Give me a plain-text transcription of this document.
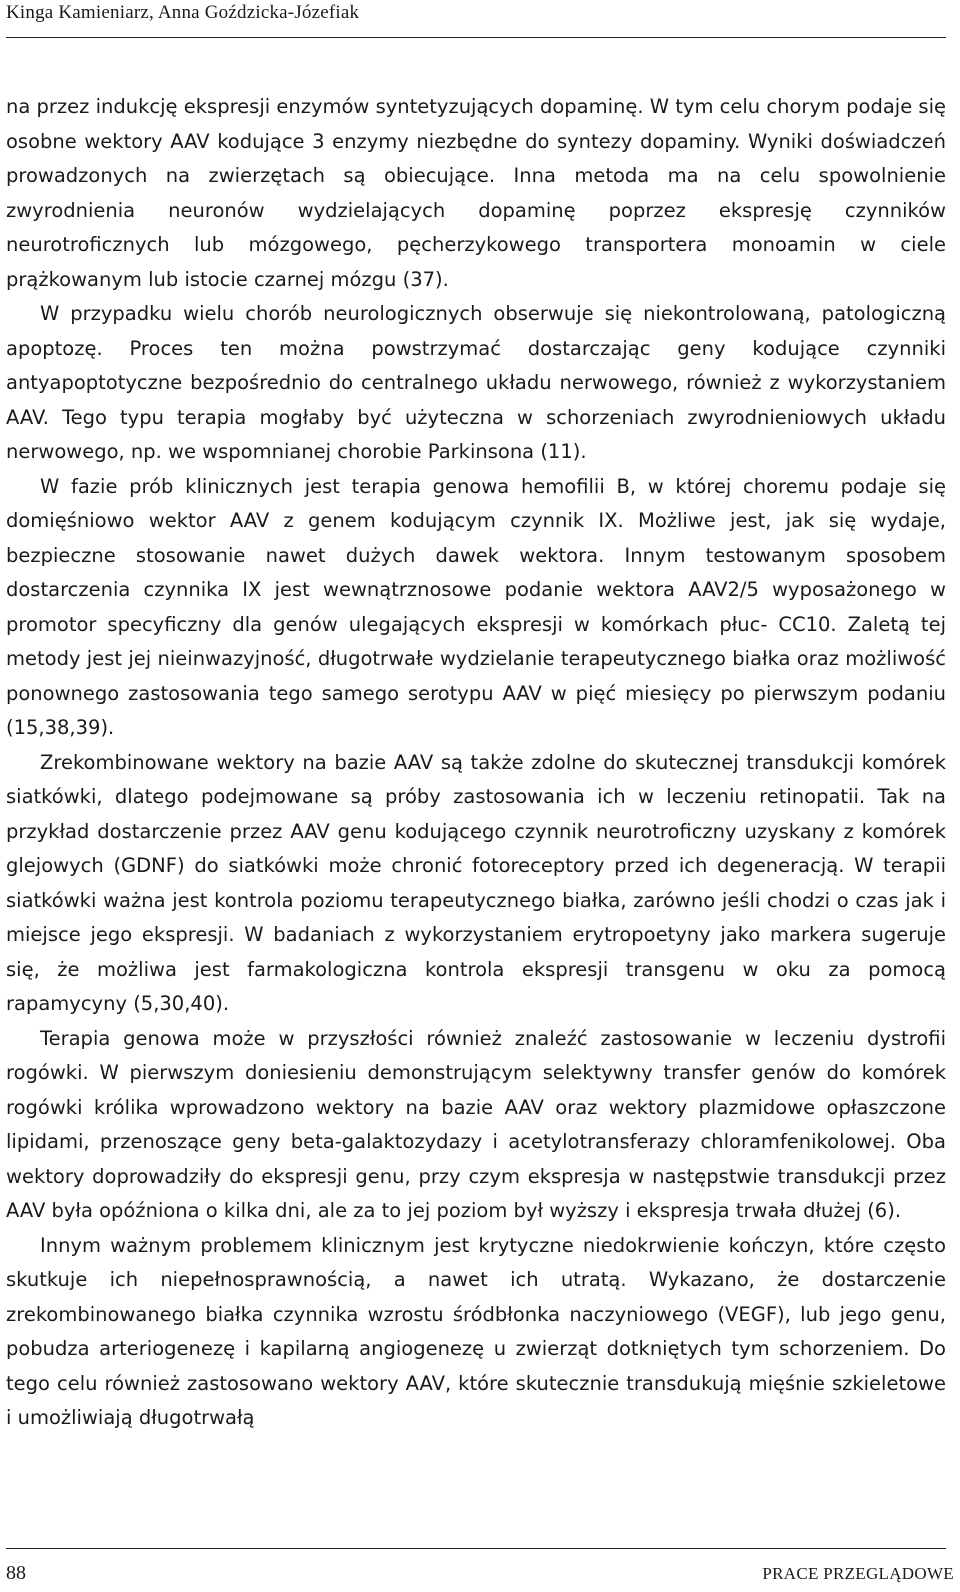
Kinga Kamieniarz, Anna Goździcka-Józefiak

na przez indukcję ekspresji enzymów syntetyzujących dopaminę. W tym celu chorym podaje się osobne wektory AAV kodujące 3 enzymy niezbędne do syntezy dopaminy. Wyniki doświadczeń prowadzonych na zwierzętach są obiecujące. Inna metoda ma na celu spowolnienie zwyrodnienia neuronów wydzielających dopaminę poprzez ekspresję czynników neurotroficznych lub mózgowego, pęcherzykowego transportera monoamin w ciele prążkowanym lub istocie czarnej mózgu (37).

W przypadku wielu chorób neurologicznych obserwuje się niekontrolowaną, patologiczną apoptozę. Proces ten można powstrzymać dostarczając geny kodujące czynniki antyapoptotyczne bezpośrednio do centralnego układu nerwowego, również z wykorzystaniem AAV. Tego typu terapia mogłaby być użyteczna w schorzeniach zwyrodnieniowych układu nerwowego, np. we wspomnianej chorobie Parkinsona (11).

W fazie prób klinicznych jest terapia genowa hemofilii B, w której choremu podaje się domięśniowo wektor AAV z genem kodującym czynnik IX. Możliwe jest, jak się wydaje, bezpieczne stosowanie nawet dużych dawek wektora. Innym testowanym sposobem dostarczenia czynnika IX jest wewnątrznosowe podanie wektora AAV2/5 wyposażonego w promotor specyficzny dla genów ulegających ekspresji w komórkach płuc- CC10. Zaletą tej metody jest jej nieinwazyjność, długotrwałe wydzielanie terapeutycznego białka oraz możliwość ponownego zastosowania tego samego serotypu AAV w pięć miesięcy po pierwszym podaniu (15,38,39).

Zrekombinowane wektory na bazie AAV są także zdolne do skutecznej transdukcji komórek siatkówki, dlatego podejmowane są próby zastosowania ich w leczeniu retinopatii. Tak na przykład dostarczenie przez AAV genu kodującego czynnik neurotroficzny uzyskany z komórek glejowych (GDNF) do siatkówki może chronić fotoreceptory przed ich degeneracją. W terapii siatkówki ważna jest kontrola poziomu terapeutycznego białka, zarówno jeśli chodzi o czas jak i miejsce jego ekspresji. W badaniach z wykorzystaniem erytropoetyny jako markera sugeruje się, że możliwa jest farmakologiczna kontrola ekspresji transgenu w oku za pomocą rapamycyny (5,30,40).

Terapia genowa może w przyszłości również znaleźć zastosowanie w leczeniu dystrofii rogówki. W pierwszym doniesieniu demonstrującym selektywny transfer genów do komórek rogówki królika wprowadzono wektory na bazie AAV oraz wektory plazmidowe opłaszczone lipidami, przenoszące geny beta-galaktozydazy i acetylotransferazy chloramfenikolowej. Oba wektory doprowadziły do ekspresji genu, przy czym ekspresja w następstwie transdukcji przez AAV była opóźniona o kilka dni, ale za to jej poziom był wyższy i ekspresja trwała dłużej (6).

Innym ważnym problemem klinicznym jest krytyczne niedokrwienie kończyn, które często skutkuje ich niepełnosprawnością, a nawet ich utratą. Wykazano, że dostarczenie zrekombinowanego białka czynnika wzrostu śródbłonka naczyniowego (VEGF), lub jego genu, pobudza arteriogenezę i kapilarną angiogenezę u zwierząt dotkniętych tym schorzeniem. Do tego celu również zastosowano wektory AAV, które skutecznie transdukują mięśnie szkieletowe i umożliwiają długotrwałą

88	PRACE PRZEGLĄDOWE
